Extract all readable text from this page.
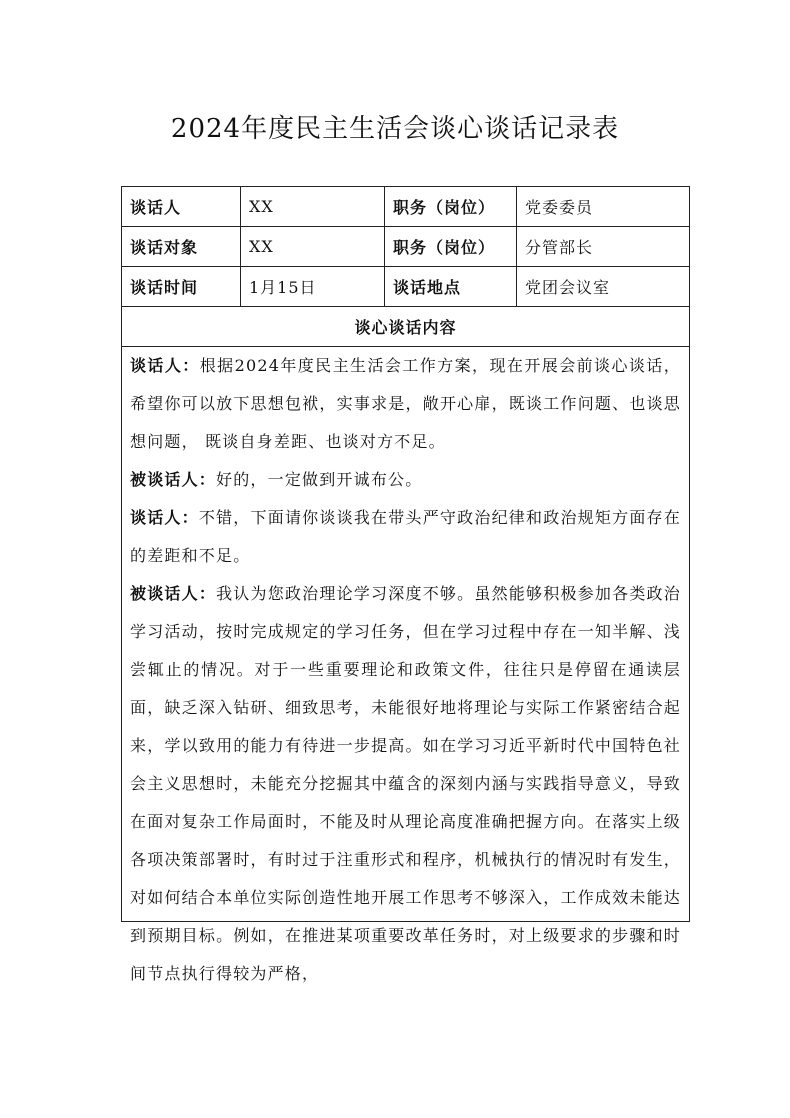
2024年度民主生活会谈心谈话记录表
谈话人	XX	职务（岗位）	党委委员
谈话对象	XX	职务（岗位）	分管部长
谈话时间	1月15日	谈话地点	党团会议室
谈心谈话内容			

谈话人：根据2024年度民主生活会工作方案，现在开展会前谈心谈话，希望你可以放下思想包袱，实事求是，敞开心扉，既谈工作问题、也谈思想问题， 既谈自身差距、也谈对方不足。

被谈话人：好的，一定做到开诚布公。

谈话人：不错，下面请你谈谈我在带头严守政治纪律和政治规矩方面存在的差距和不足。

被谈话人：我认为您政治理论学习深度不够。虽然能够积极参加各类政治学习活动，按时完成规定的学习任务，但在学习过程中存在一知半解、浅尝辄止的情况。对于一些重要理论和政策文件，往往只是停留在通读层面，缺乏深入钻研、细致思考，未能很好地将理论与实际工作紧密结合起来，学以致用的能力有待进一步提高。如在学习习近平新时代中国特色社会主义思想时，未能充分挖掘其中蕴含的深刻内涵与实践指导意义，导致在面对复杂工作局面时，不能及时从理论高度准确把握方向。在落实上级各项决策部署时，有时过于注重形式和程序，机械执行的情况时有发生，对如何结合本单位实际创造性地开展工作思考不够深入，工作成效未能达到预期目标。例如，在推进某项重要改革任务时，对上级要求的步骤和时间节点执行得较为严格，			
